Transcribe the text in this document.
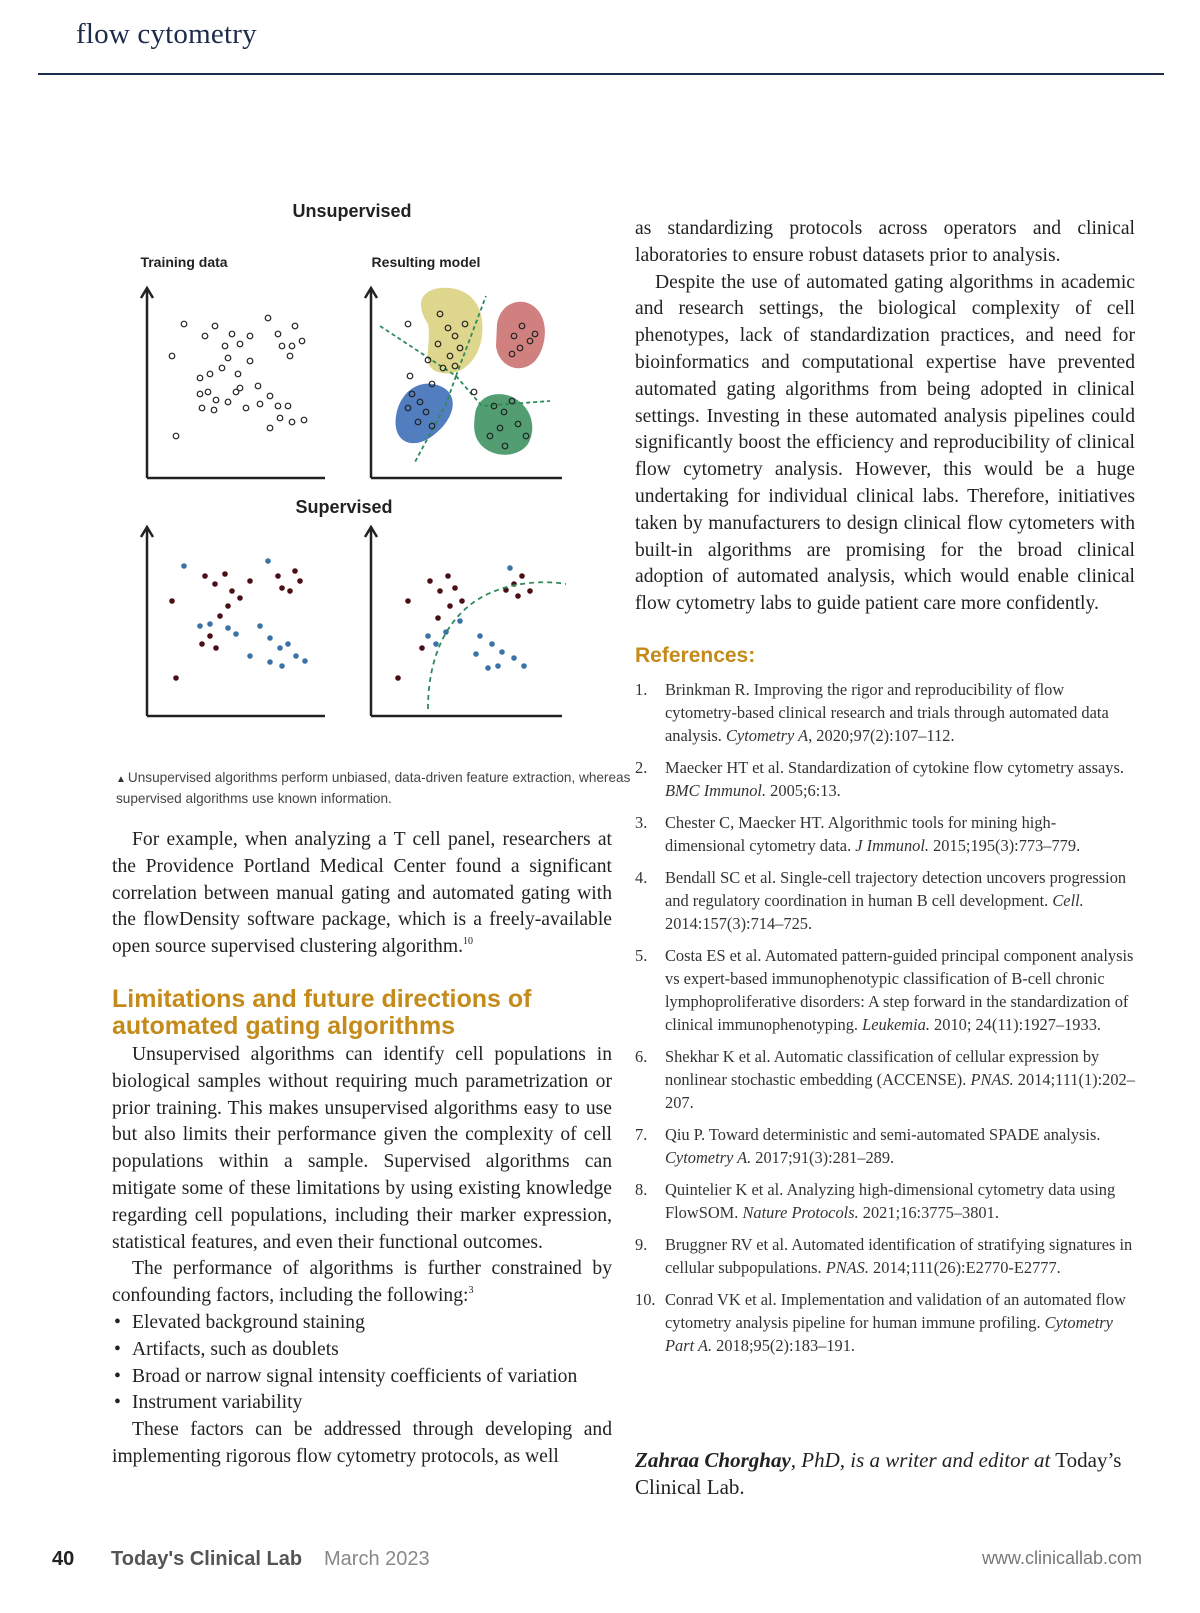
flow cytometry
Unsupervised
Training data	Resulting model
Supervised
▲ Unsupervised algorithms perform unbiased, data-driven feature extraction, whereas supervised algorithms use known information.

For example, when analyzing a T cell panel, researchers at the Providence Portland Medical Center found a significant correlation between manual gating and automated gating with the flowDensity software package, which is a freely-available open source supervised clustering algorithm.$^{10}$

Limitations and future directions of automated gating algorithms

Unsupervised algorithms can identify cell populations in biological samples without requiring much parametrization or prior training. This makes unsupervised algorithms easy to use but also limits their performance given the complexity of cell populations within a sample. Supervised algorithms can mitigate some of these limitations by using existing knowledge regarding cell populations, including their marker expression, statistical features, and even their functional outcomes.

The performance of algorithms is further constrained by confounding factors, including the following:$^3$

• Elevated background staining
• Artifacts, such as doublets
• Broad or narrow signal intensity coefficients of variation
• Instrument variability

These factors can be addressed through developing and implementing rigorous flow cytometry protocols, as well

as standardizing protocols across operators and clinical laboratories to ensure robust datasets prior to analysis.

Despite the use of automated gating algorithms in academic and research settings, the biological complexity of cell phenotypes, lack of standardization practices, and need for bioinformatics and computational expertise have prevented automated gating algorithms from being adopted in clinical settings. Investing in these automated analysis pipelines could significantly boost the efficiency and reproducibility of clinical flow cytometry analysis. However, this would be a huge undertaking for individual clinical labs. Therefore, initiatives taken by manufacturers to design clinical flow cytometers with built-in algorithms are promising for the broad clinical adoption of automated analysis, which would enable clinical flow cytometry labs to guide patient care more confidently.

References:
1. Brinkman R. Improving the rigor and reproducibility of flow cytometry-based clinical research and trials through automated data analysis. Cytometry A, 2020;97(2):107–112.
2. Maecker HT et al. Standardization of cytokine flow cytometry assays. BMC Immunol. 2005;6:13.
3. Chester C, Maecker HT. Algorithmic tools for mining high-dimensional cytometry data. J Immunol. 2015;195(3):773–779.
4. Bendall SC et al. Single-cell trajectory detection uncovers progression and regulatory coordination in human B cell development. Cell. 2014:157(3):714–725.
5. Costa ES et al. Automated pattern-guided principal component analysis vs expert-based immunophenotypic classification of B-cell chronic lymphoproliferative disorders: A step forward in the standardization of clinical immunophenotyping. Leukemia. 2010; 24(11):1927–1933.
6. Shekhar K et al. Automatic classification of cellular expression by nonlinear stochastic embedding (ACCENSE). PNAS. 2014;111(1):202–207.
7. Qiu P. Toward deterministic and semi-automated SPADE analysis. Cytometry A. 2017;91(3):281–289.
8. Quintelier K et al. Analyzing high-dimensional cytometry data using FlowSOM. Nature Protocols. 2021;16:3775–3801.
9. Bruggner RV et al. Automated identification of stratifying signatures in cellular subpopulations. PNAS. 2014;111(26):E2770-E2777.
10. Conrad VK et al. Implementation and validation of an automated flow cytometry analysis pipeline for human immune profiling. Cytometry Part A. 2018;95(2):183–191.
Zahraa Chorghay, PhD, is a writer and editor at Today’s Clinical Lab.
40 Today's Clinical Lab March 2023	www.clinicallab.com
